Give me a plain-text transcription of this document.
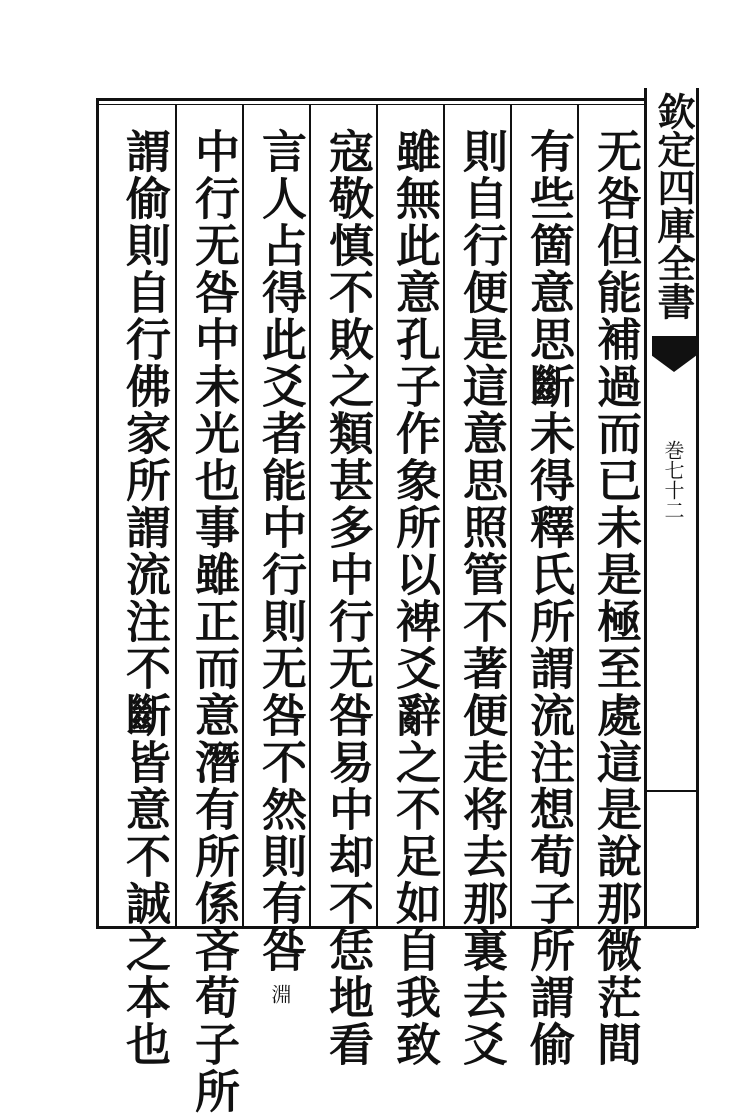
欽定四庫全書
巻七十二
无咎但能補過而已未是極至處這是說那微茫間
有些箇意思斷未得釋氏所謂流注想荀子所謂偷
則自行便是這意思照管不著便走将去那裏去爻
雖無此意孔子作象所以裨爻辭之不足如自我致
寇敬慎不敗之類甚多中行无咎易中却不恁地看
言人占得此爻者能中行則无咎不然則有咎淵
中行无咎中未光也事雖正而意潛有所係吝荀子所
謂偷則自行佛家所謂流注不斷皆意不誠之本也
